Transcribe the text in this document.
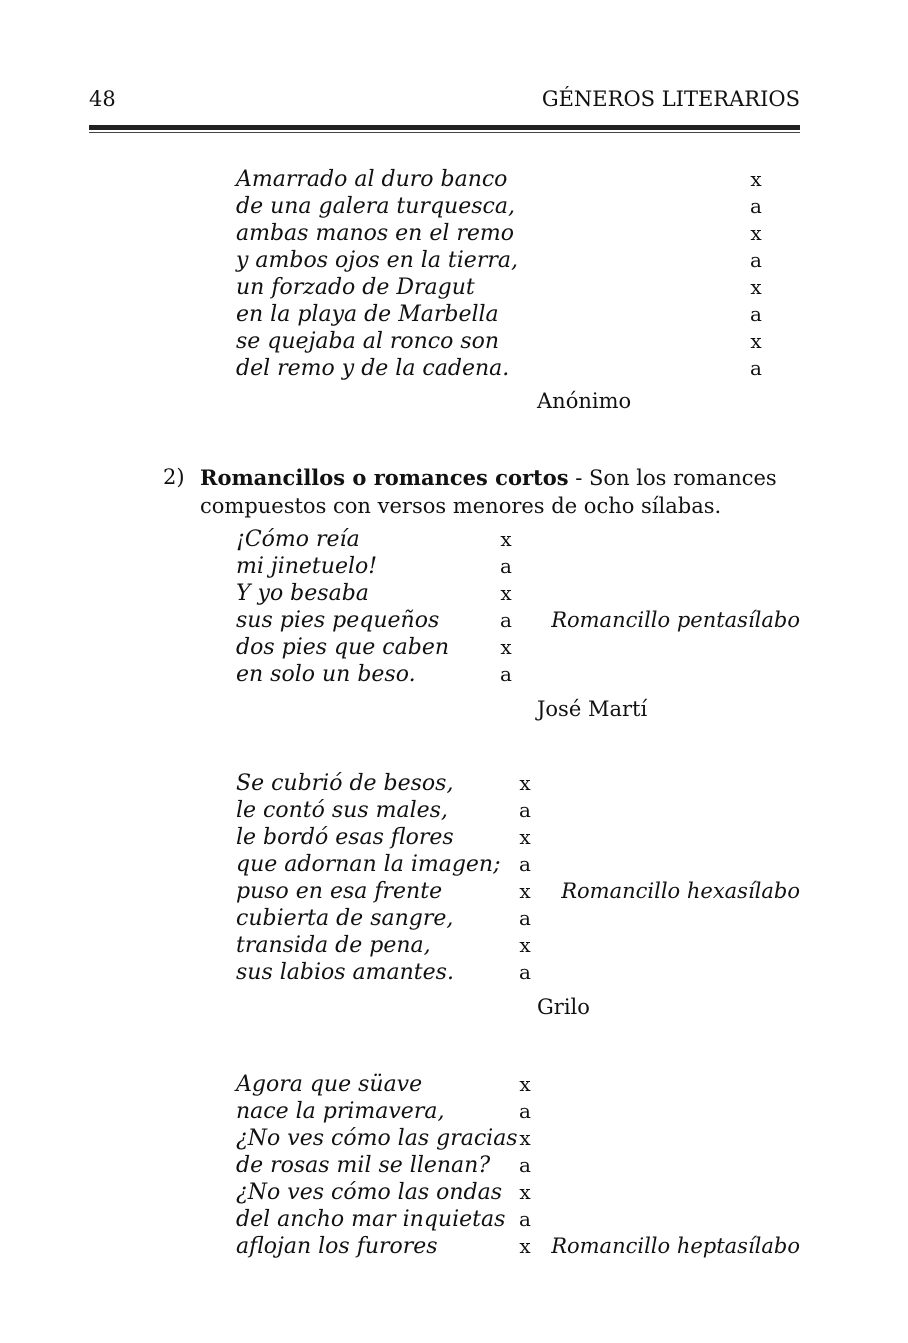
48	GÉNEROS LITERARIOS
Amarrado al duro banco
de una galera turquesca,
ambas manos en el remo
y ambos ojos en la tierra,
un forzado de Dragut
en la playa de Marbella
se quejaba al ronco son
del remo y de la cadena.
x
a
x
a
x
a
x
a
Anónimo
2) Romancillos o romances cortos - Son los romances
compuestos con versos menores de ocho sílabas.
¡Cómo reía
mi jinetuelo!
Y yo besaba
sus pies pequeños
dos pies que caben
en solo un beso.
x
a
x
a
x
a
Romancillo pentasílabo
José Martí
Se cubrió de besos,
le contó sus males,
le bordó esas flores
que adornan la imagen;
puso en esa frente
cubierta de sangre,
transida de pena,
sus labios amantes.
x
a
x
a
x
a
x
a
Romancillo hexasílabo
Grilo
Agora que süave
nace la primavera,
¿No ves cómo las gracias
de rosas mil se llenan?
¿No ves cómo las ondas
del ancho mar inquietas
aflojan los furores
x
a
x
a
x
a
x Romancillo heptasílabo
